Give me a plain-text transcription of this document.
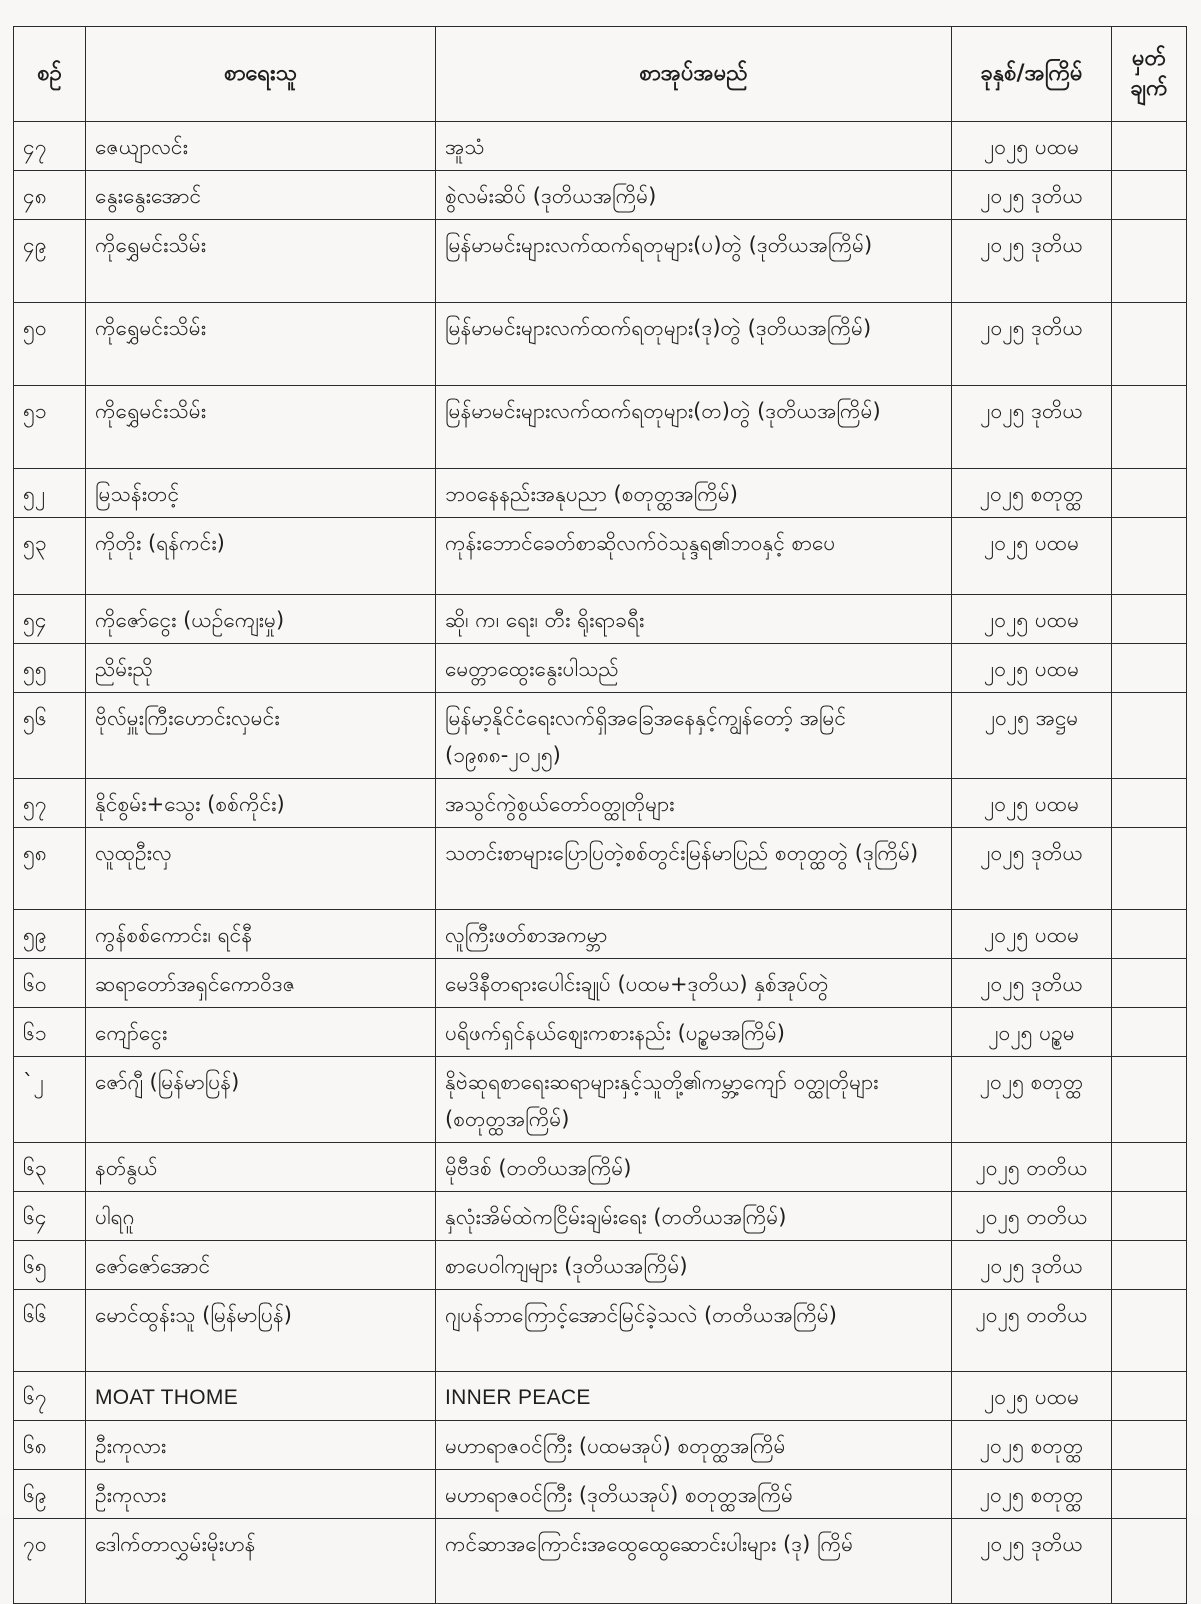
စဉ်	စာရေးသူ	စာအုပ်အမည်	ခုနှစ်/အကြိမ်	မှတ် ချက်
၄၇	ဇေယျာလင်း	အူသံ	၂၀၂၅ ပထမ	
၄၈	နွေးနွေးအောင်	စွဲလမ်းဆိပ် (ဒုတိယအကြိမ်)	၂၀၂၅ ဒုတိယ	
၄၉	ကိုရွှေမင်းသိမ်း	မြန်မာမင်းများလက်ထက်ရတုများ(ပ)တွဲ (ဒုတိယအကြိမ်)	၂၀၂၅ ဒုတိယ	
၅၀	ကိုရွှေမင်းသိမ်း	မြန်မာမင်းများလက်ထက်ရတုများ(ဒု)တွဲ (ဒုတိယအကြိမ်)	၂၀၂၅ ဒုတိယ	
၅၁	ကိုရွှေမင်းသိမ်း	မြန်မာမင်းများလက်ထက်ရတုများ(တ)တွဲ (ဒုတိယအကြိမ်)	၂၀၂၅ ဒုတိယ	
၅၂	မြသန်းတင့်	ဘဝနေနည်းအနုပညာ (စတုတ္ထအကြိမ်)	၂၀၂၅ စတုတ္ထ	
၅၃	ကိုတိုး (ရန်ကင်း)	ကုန်းဘောင်ခေတ်စာဆိုလက်ဝဲသုန္ဒရ၏ဘဝနှင့် စာပေ	၂၀၂၅ ပထမ	
၅၄	ကိုဇော်ငွေး (ယဉ်ကျေးမှု)	ဆို၊ က၊ ရေး၊ တီး ရိုးရာခရီး	၂၀၂၅ ပထမ	
၅၅	ညိမ်းညို	မေတ္တာထွေးနွေးပါသည်	၂၀၂၅ ပထမ	
၅၆	ဗိုလ်မှူးကြီးဟောင်းလှမင်း	မြန်မာ့နိုင်ငံရေးလက်ရှိအခြေအနေနှင့်ကျွန်တော့် အမြင် (၁၉၈၈-၂၀၂၅)	၂၀၂၅ အဋ္ဌမ	
၅၇	နိုင်စွမ်း+သွေး (စစ်ကိုင်း)	အသွင်ကွဲစွယ်တော်ဝတ္ထုတိုများ	၂၀၂၅ ပထမ	
၅၈	လူထုဦးလှ	သတင်းစာများပြောပြတဲ့စစ်တွင်းမြန်မာပြည် စတုတ္ထတွဲ (ဒုကြိမ်)	၂၀၂၅ ဒုတိယ	
၅၉	ကွန်စစ်ကောင်း၊ ရင်နီ	လူကြီးဖတ်စာအကမ္ဘာ	၂၀၂၅ ပထမ	
၆၀	ဆရာတော်အရှင်ကောဝိဒဇ	မေဒိနီတရားပေါင်းချုပ် (ပထမ+ဒုတိယ) နှစ်အုပ်တွဲ	၂၀၂၅ ဒုတိယ	
၆၁	ကျော်ငွေး	ပရိဖက်ရှင်နယ်ဈေးကစားနည်း (ပဥ္စမအကြိမ်)	၂၀၂၅ ပဥ္စမ	
`၂	ဇော်ဂျီ (မြန်မာပြန်)	နိုဗဲဆုရစာရေးဆရာများနှင့်သူတို့၏ကမ္ဘာ့ကျော် ဝတ္ထုတိုများ (စတုတ္ထအကြိမ်)	၂၀၂၅ စတုတ္ထ	
၆၃	နတ်နွယ်	မိုဗီဒစ် (တတိယအကြိမ်)	၂၀၂၅ တတိယ	
၆၄	ပါရဂူ	နှလုံးအိမ်ထဲကငြိမ်းချမ်းရေး (တတိယအကြိမ်)	၂၀၂၅ တတိယ	
၆၅	ဇော်ဇော်အောင်	စာပေဝါကျများ (ဒုတိယအကြိမ်)	၂၀၂၅ ဒုတိယ	
၆၆	မောင်ထွန်းသူ (မြန်မာပြန်)	ဂျပန်ဘာကြောင့်အောင်မြင်ခဲ့သလဲ (တတိယအကြိမ်)	၂၀၂၅ တတိယ	
၆၇	MOAT THOME	INNER PEACE	၂၀၂၅ ပထမ	
၆၈	ဦးကုလား	မဟာရာဇဝင်ကြီး (ပထမအုပ်) စတုတ္ထအကြိမ်	၂၀၂၅ စတုတ္ထ	
၆၉	ဦးကုလား	မဟာရာဇဝင်ကြီး (ဒုတိယအုပ်) စတုတ္ထအကြိမ်	၂၀၂၅ စတုတ္ထ	
၇၀	ဒေါက်တာလွှမ်းမိုးဟန်	ကင်ဆာအကြောင်းအထွေထွေဆောင်းပါးများ (ဒု) ကြိမ်	၂၀၂၅ ဒုတိယ	
